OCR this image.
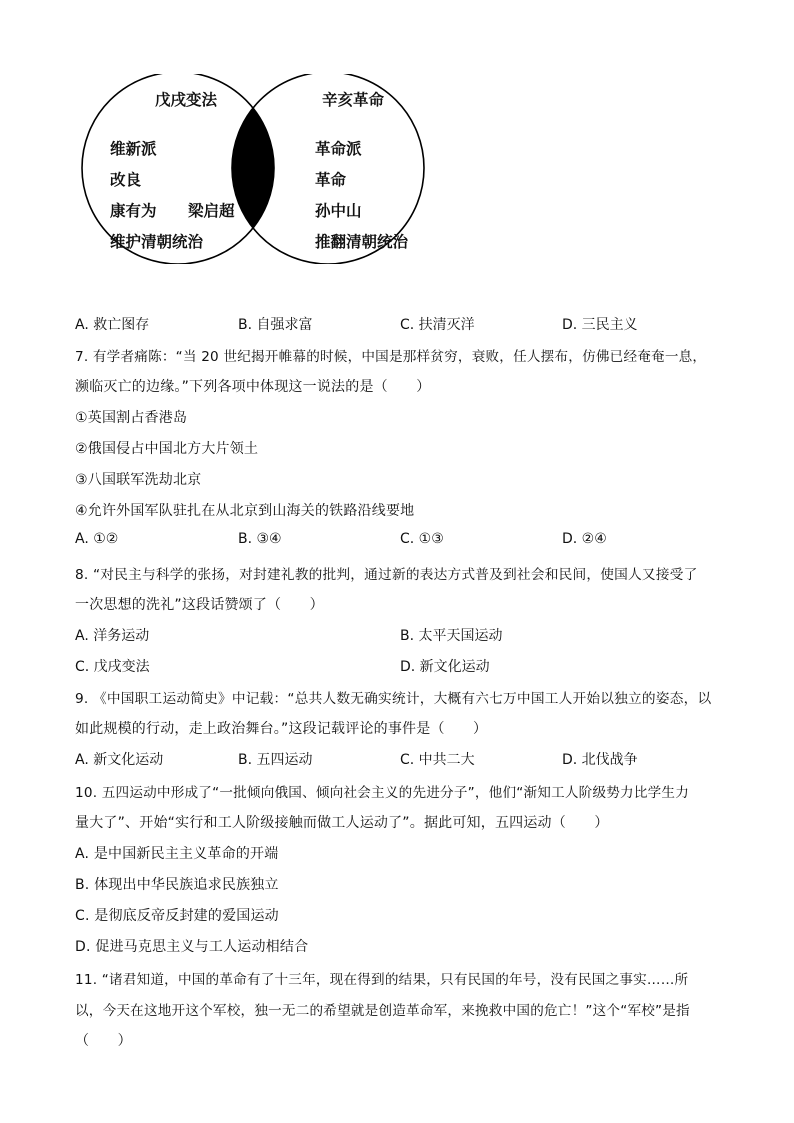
戊戌变法	辛亥革命
维新派
改良
康有为 梁启超
维护清朝统治
革命派
革命
孙中山
推翻清朝统治
A. 救亡图存	B. 自强求富	C. 扶清灭洋	D. 三民主义
7. 有学者痛陈：“当 20 世纪揭开帷幕的时候，中国是那样贫穷，衰败，任人摆布，仿佛已经奄奄一息，
濒临灭亡的边缘。”下列各项中体现这一说法的是（　　）
①英国割占香港岛
②俄国侵占中国北方大片领土
③八国联军洗劫北京
④允许外国军队驻扎在从北京到山海关的铁路沿线要地
A. ①②	B. ③④	C. ①③	D. ②④
8. “对民主与科学的张扬，对封建礼教的批判，通过新的表达方式普及到社会和民间，使国人又接受了
一次思想的洗礼”这段话赞颂了（　　）
A. 洋务运动	B. 太平天国运动
C. 戊戌变法	D. 新文化运动
9. 《中国职工运动简史》中记载：“总共人数无确实统计，大概有六七万中国工人开始以独立的姿态，以
如此规模的行动，走上政治舞台。”这段记载评论的事件是（　　）
A. 新文化运动	B. 五四运动	C. 中共二大	D. 北伐战争
10. 五四运动中形成了“一批倾向俄国、倾向社会主义的先进分子”，他们“渐知工人阶级势力比学生力
量大了”、开始“实行和工人阶级接触而做工人运动了”。据此可知，五四运动（　　）
A. 是中国新民主主义革命的开端
B. 体现出中华民族追求民族独立
C. 是彻底反帝反封建的爱国运动
D. 促进马克思主义与工人运动相结合
11. “诸君知道，中国的革命有了十三年，现在得到的结果，只有民国的年号，没有民国之事实……所
以，今天在这地开这个军校，独一无二的希望就是创造革命军，来挽救中国的危亡！”这个“军校”是指
（　　）
